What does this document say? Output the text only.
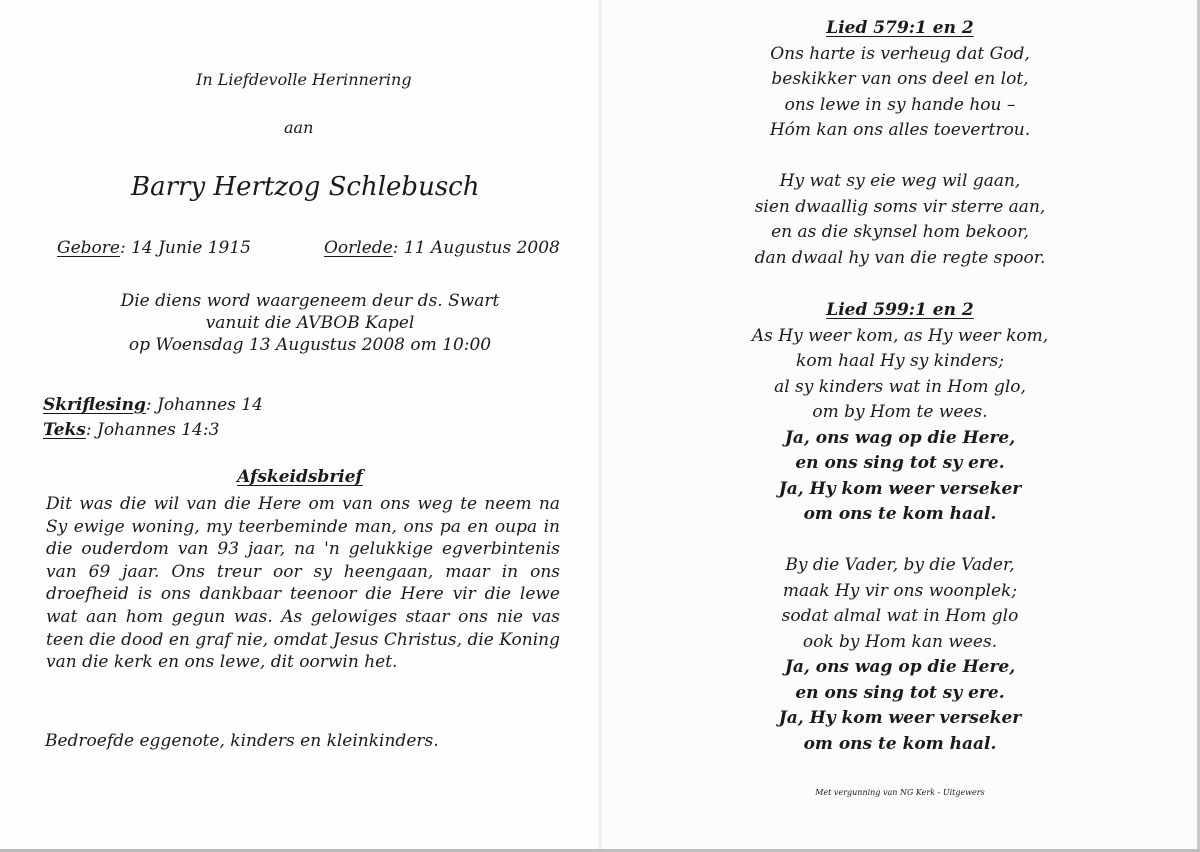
In Liefdevolle Herinnering
aan
Barry Hertzog Schlebusch
Gebore: 14 Junie 1915	Oorlede: 11 Augustus 2008
Die diens word waargeneem deur ds. Swart
vanuit die AVBOB Kapel
op Woensdag 13 Augustus 2008 om 10:00
Skriflesing: Johannes 14
Teks: Johannes 14:3
Afskeidsbrief
Dit was die wil van die Here om van ons weg te neem na Sy ewige woning, my teerbeminde man, ons pa en oupa in die ouderdom van 93 jaar, na 'n gelukkige egverbintenis van 69 jaar. Ons treur oor sy heengaan, maar in ons droefheid is ons dankbaar teenoor die Here vir die lewe wat aan hom gegun was. As gelowiges staar ons nie vas teen die dood en graf nie, omdat Jesus Christus, die Koning van die kerk en ons lewe, dit oorwin het.
Bedroefde eggenote, kinders en kleinkinders.
Lied 579:1 en 2
Ons harte is verheug dat God,
beskikker van ons deel en lot,
ons lewe in sy hande hou –
Hóm kan ons alles toevertrou.
Hy wat sy eie weg wil gaan,
sien dwaallig soms vir sterre aan,
en as die skynsel hom bekoor,
dan dwaal hy van die regte spoor.
Lied 599:1 en 2
As Hy weer kom, as Hy weer kom,
kom haal Hy sy kinders;
al sy kinders wat in Hom glo,
om by Hom te wees.
Ja, ons wag op die Here,
en ons sing tot sy ere.
Ja, Hy kom weer verseker
om ons te kom haal.
By die Vader, by die Vader,
maak Hy vir ons woonplek;
sodat almal wat in Hom glo
ook by Hom kan wees.
Ja, ons wag op die Here,
en ons sing tot sy ere.
Ja, Hy kom weer verseker
om ons te kom haal.
Met vergunning van NG Kerk - Uitgewers
